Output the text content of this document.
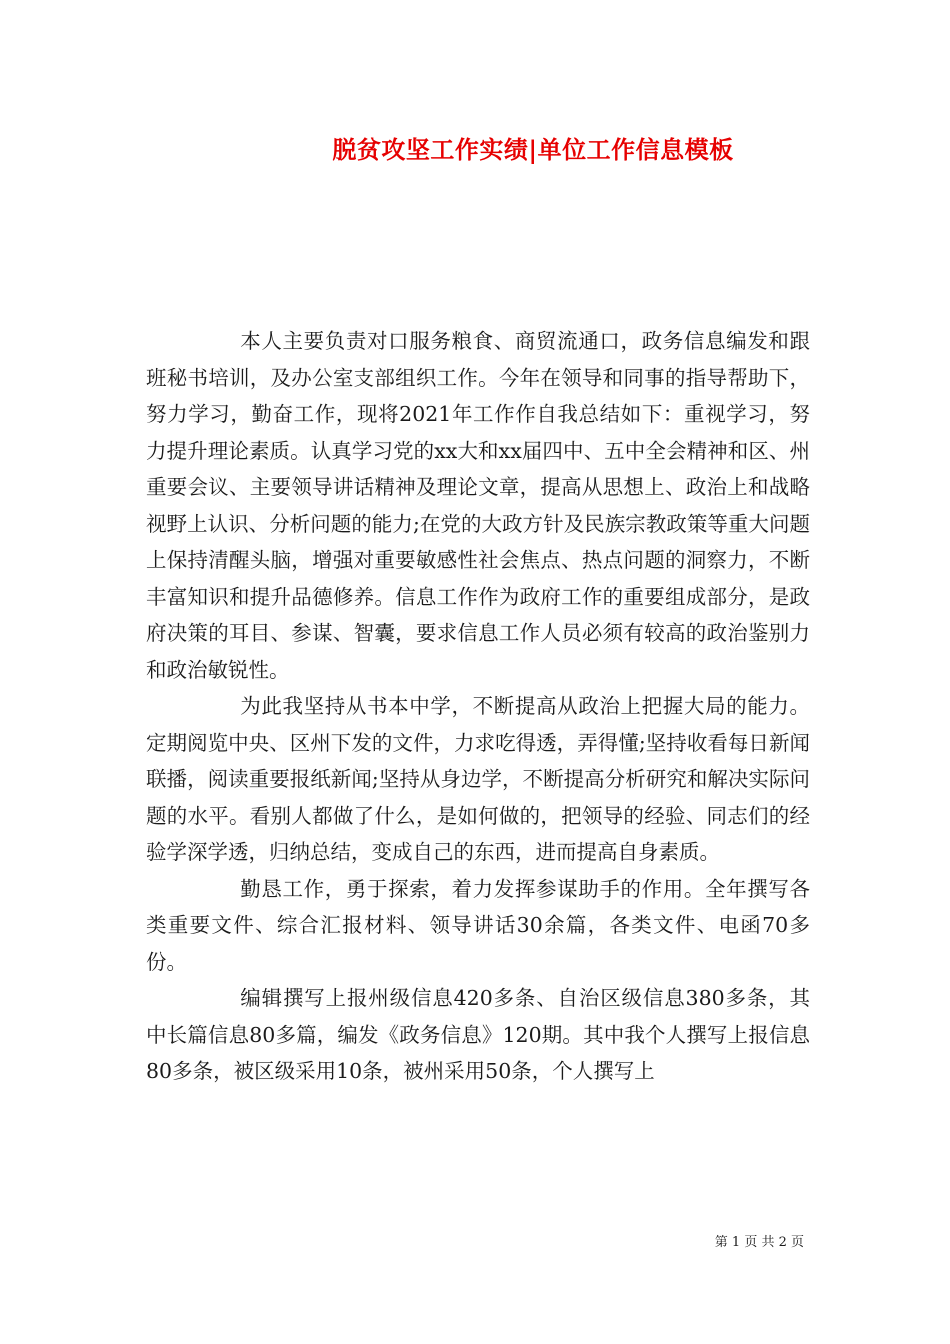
脱贫攻坚工作实绩|单位工作信息模板

本人主要负责对口服务粮食、商贸流通口，政务信息编发和跟班秘书培训，及办公室支部组织工作。今年在领导和同事的指导帮助下，努力学习，勤奋工作，现将2021年工作作自我总结如下：重视学习，努力提升理论素质。认真学习党的xx大和xx届四中、五中全会精神和区、州重要会议、主要领导讲话精神及理论文章，提高从思想上、政治上和战略视野上认识、分析问题的能力;在党的大政方针及民族宗教政策等重大问题上保持清醒头脑，增强对重要敏感性社会焦点、热点问题的洞察力，不断丰富知识和提升品德修养。信息工作作为政府工作的重要组成部分，是政府决策的耳目、参谋、智囊，要求信息工作人员必须有较高的政治鉴别力和政治敏锐性。

为此我坚持从书本中学，不断提高从政治上把握大局的能力。定期阅览中央、区州下发的文件，力求吃得透，弄得懂;坚持收看每日新闻联播，阅读重要报纸新闻;坚持从身边学，不断提高分析研究和解决实际问题的水平。看别人都做了什么，是如何做的，把领导的经验、同志们的经验学深学透，归纳总结，变成自己的东西，进而提高自身素质。

勤恳工作，勇于探索，着力发挥参谋助手的作用。全年撰写各类重要文件、综合汇报材料、领导讲话30余篇，各类文件、电函70多份。

编辑撰写上报州级信息420多条、自治区级信息380多条，其中长篇信息80多篇，编发《政务信息》120期。其中我个人撰写上报信息80多条，被区级采用10条，被州采用50条，个人撰写上

第 1 页 共 2 页
